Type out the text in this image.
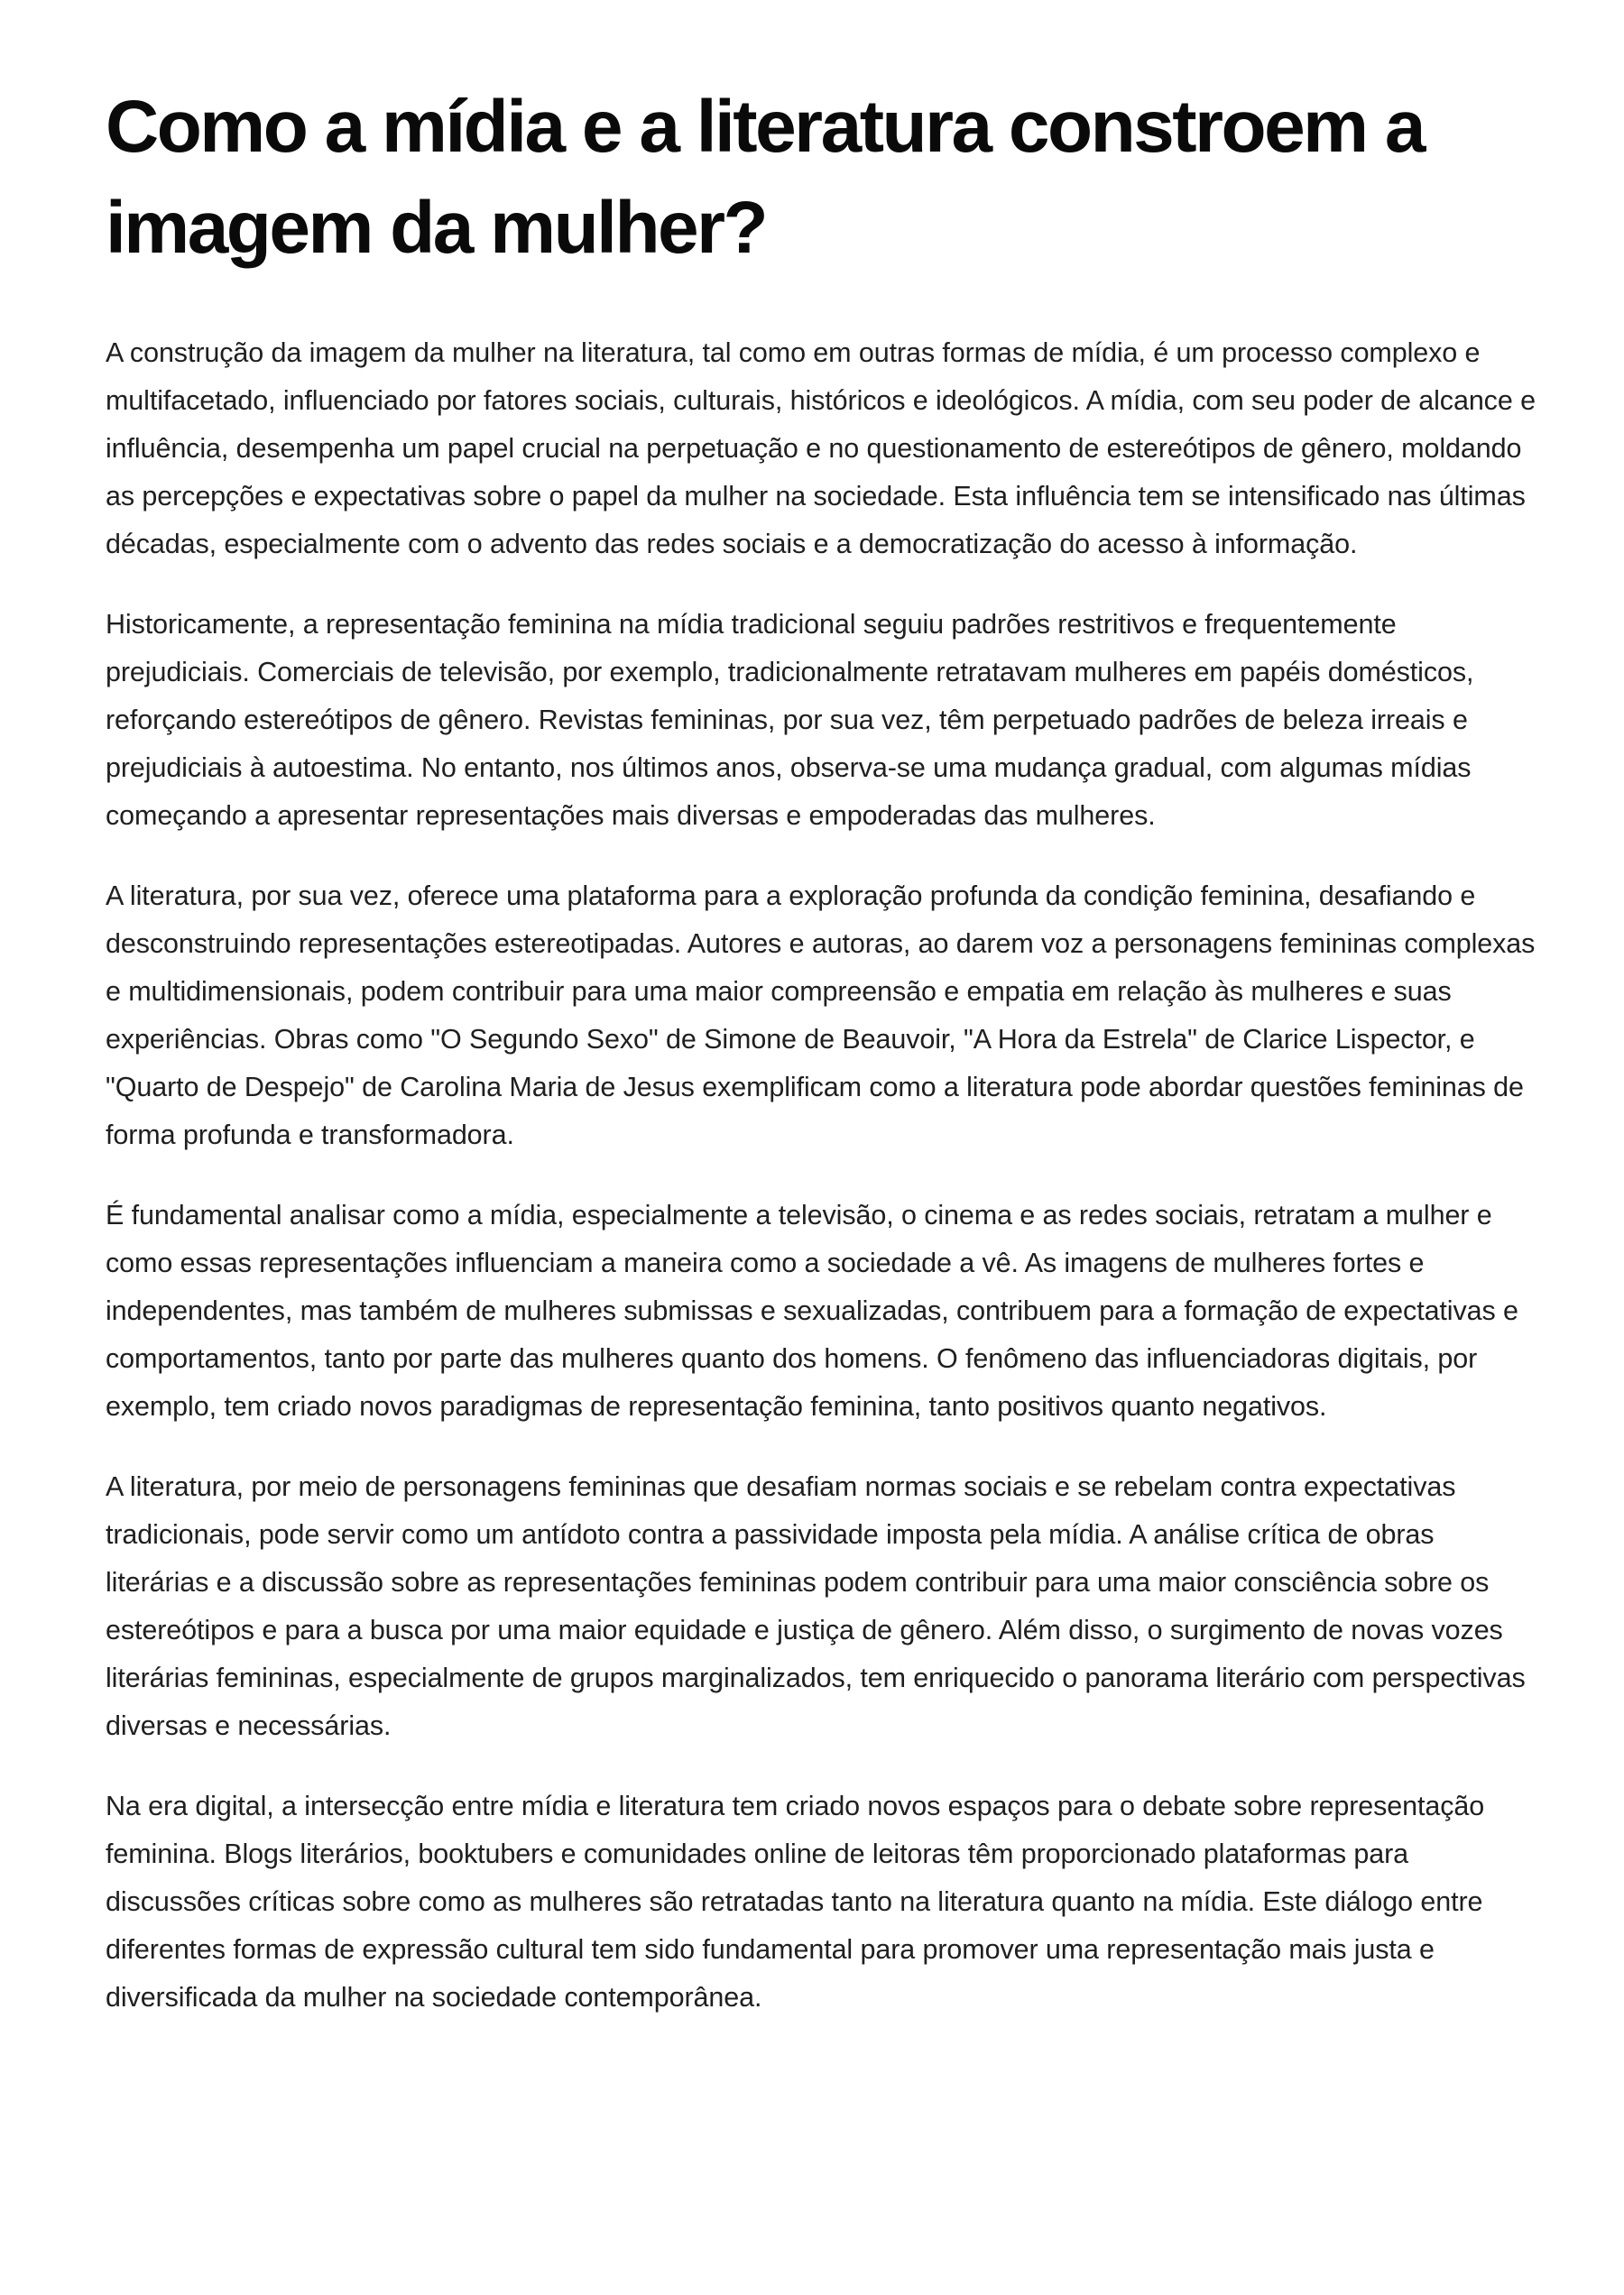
Como a mídia e a literatura constroem a imagem da mulher?

A construção da imagem da mulher na literatura, tal como em outras formas de mídia, é um processo complexo e multifacetado, influenciado por fatores sociais, culturais, históricos e ideológicos. A mídia, com seu poder de alcance e influência, desempenha um papel crucial na perpetuação e no questionamento de estereótipos de gênero, moldando as percepções e expectativas sobre o papel da mulher na sociedade. Esta influência tem se intensificado nas últimas décadas, especialmente com o advento das redes sociais e a democratização do acesso à informação.

Historicamente, a representação feminina na mídia tradicional seguiu padrões restritivos e frequentemente prejudiciais. Comerciais de televisão, por exemplo, tradicionalmente retratavam mulheres em papéis domésticos, reforçando estereótipos de gênero. Revistas femininas, por sua vez, têm perpetuado padrões de beleza irreais e prejudiciais à autoestima. No entanto, nos últimos anos, observa-se uma mudança gradual, com algumas mídias começando a apresentar representações mais diversas e empoderadas das mulheres.

A literatura, por sua vez, oferece uma plataforma para a exploração profunda da condição feminina, desafiando e desconstruindo representações estereotipadas. Autores e autoras, ao darem voz a personagens femininas complexas e multidimensionais, podem contribuir para uma maior compreensão e empatia em relação às mulheres e suas experiências. Obras como "O Segundo Sexo" de Simone de Beauvoir, "A Hora da Estrela" de Clarice Lispector, e "Quarto de Despejo" de Carolina Maria de Jesus exemplificam como a literatura pode abordar questões femininas de forma profunda e transformadora.

É fundamental analisar como a mídia, especialmente a televisão, o cinema e as redes sociais, retratam a mulher e como essas representações influenciam a maneira como a sociedade a vê. As imagens de mulheres fortes e independentes, mas também de mulheres submissas e sexualizadas, contribuem para a formação de expectativas e comportamentos, tanto por parte das mulheres quanto dos homens. O fenômeno das influenciadoras digitais, por exemplo, tem criado novos paradigmas de representação feminina, tanto positivos quanto negativos.

A literatura, por meio de personagens femininas que desafiam normas sociais e se rebelam contra expectativas tradicionais, pode servir como um antídoto contra a passividade imposta pela mídia. A análise crítica de obras literárias e a discussão sobre as representações femininas podem contribuir para uma maior consciência sobre os estereótipos e para a busca por uma maior equidade e justiça de gênero. Além disso, o surgimento de novas vozes literárias femininas, especialmente de grupos marginalizados, tem enriquecido o panorama literário com perspectivas diversas e necessárias.

Na era digital, a intersecção entre mídia e literatura tem criado novos espaços para o debate sobre representação feminina. Blogs literários, booktubers e comunidades online de leitoras têm proporcionado plataformas para discussões críticas sobre como as mulheres são retratadas tanto na literatura quanto na mídia. Este diálogo entre diferentes formas de expressão cultural tem sido fundamental para promover uma representação mais justa e diversificada da mulher na sociedade contemporânea.
